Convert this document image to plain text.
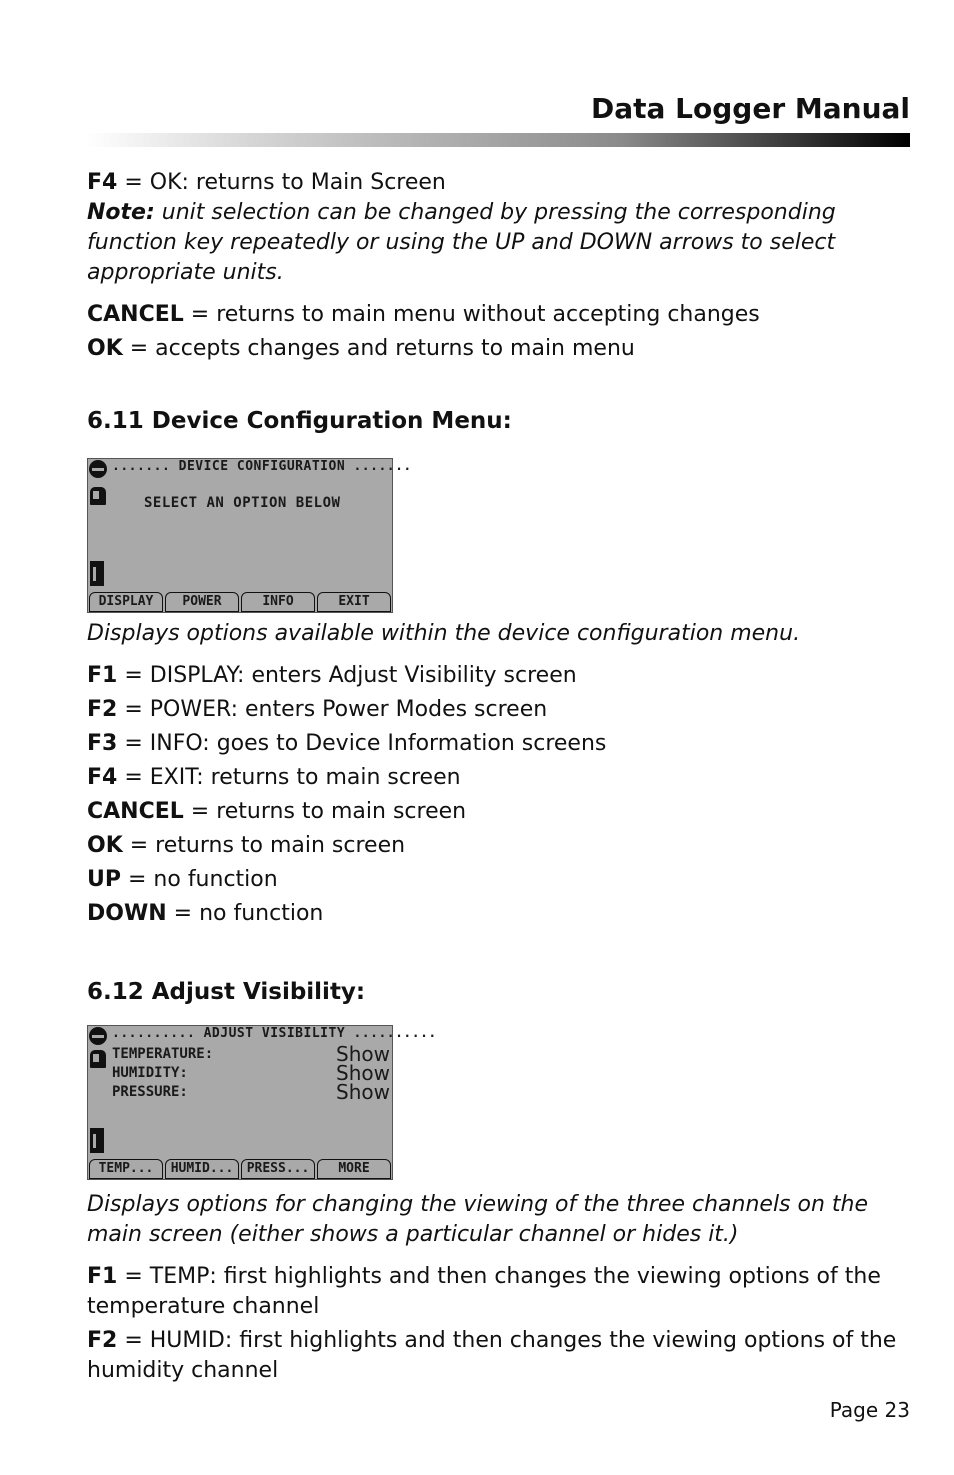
Data Logger Manual

F4 = OK: returns to Main Screen

Note: unit selection can be changed by pressing the corresponding function key repeatedly or using the UP and DOWN arrows to select appropriate units.

CANCEL = returns to main menu without accepting changes

OK = accepts changes and returns to main menu

6.11 Device Configuration Menu:

....... DEVICE CONFIGURATION .......
SELECT AN OPTION BELOW
DISPLAY	POWER	INFO	EXIT

Displays options available within the device configuration menu.

F1 = DISPLAY: enters Adjust Visibility screen

F2 = POWER: enters Power Modes screen

F3 = INFO: goes to Device Information screens

F4 = EXIT: returns to main screen

CANCEL = returns to main screen

OK = returns to main screen

UP = no function

DOWN = no function

6.12 Adjust Visibility:

.......... ADJUST VISIBILITY ..........
TEMPERATURE:	Show
HUMIDITY:	Show
PRESSURE:	Show
TEMP...	HUMID...	PRESS...	MORE

Displays options for changing the viewing of the three channels on the main screen (either shows a particular channel or hides it.)

F1 = TEMP: first highlights and then changes the viewing options of the temperature channel

F2 = HUMID: first highlights and then changes the viewing options of the humidity channel

Page 23
